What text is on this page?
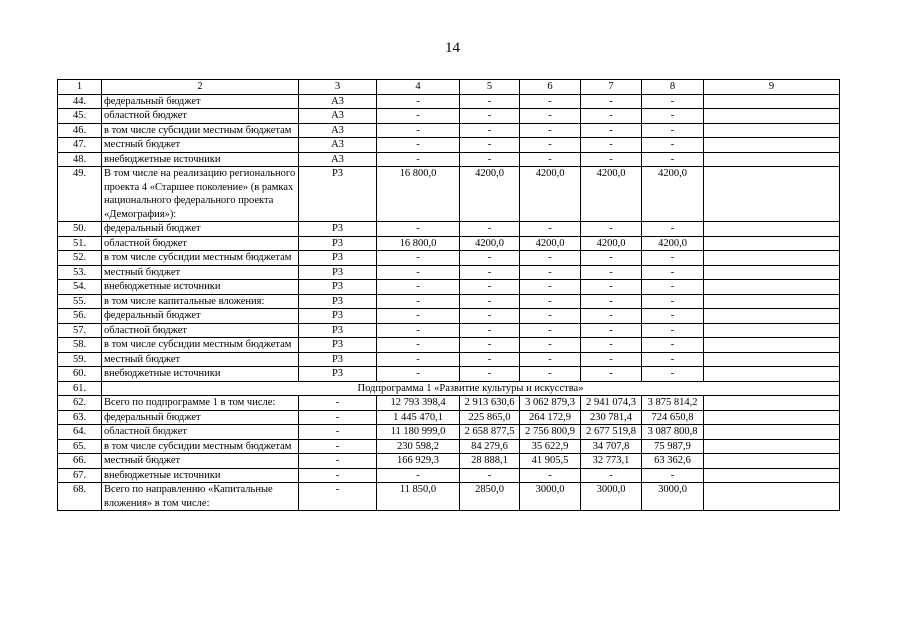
14
1	2	3	4	5	6	7	8	9
44.	федеральный бюджет	А3	-	-	-	-	-	
45.	областной бюджет	А3	-	-	-	-	-	
46.	в том числе субсидии местным бюджетам	А3	-	-	-	-	-	
47.	местный бюджет	А3	-	-	-	-	-	
48.	внебюджетные источники	А3	-	-	-	-	-	
49.	В том числе на реализацию регионального проекта 4 «Старшее поколение» (в рамках национального федерального проекта «Демография»):	Р3	16 800,0	4200,0	4200,0	4200,0	4200,0	
50.	федеральный бюджет	Р3	-	-	-	-	-	
51.	областной бюджет	Р3	16 800,0	4200,0	4200,0	4200,0	4200,0	
52.	в том числе субсидии местным бюджетам	Р3	-	-	-	-	-	
53.	местный бюджет	Р3	-	-	-	-	-	
54.	внебюджетные источники	Р3	-	-	-	-	-	
55.	в том числе капитальные вложения:	Р3	-	-	-	-	-	
56.	федеральный бюджет	Р3	-	-	-	-	-	
57.	областной бюджет	Р3	-	-	-	-	-	
58.	в том числе субсидии местным бюджетам	Р3	-	-	-	-	-	
59.	местный бюджет	Р3	-	-	-	-	-	
60.	внебюджетные источники	Р3	-	-	-	-	-	
61.	Подпрограмма 1 «Развитие культуры и искусства»							
62.	Всего по подпрограмме 1 в том числе:	-	12 793 398,4	2 913 630,6	3 062 879,3	2 941 074,3	3 875 814,2	
63.	федеральный бюджет	-	1 445 470,1	225 865,0	264 172,9	230 781,4	724 650,8	
64.	областной бюджет	-	11 180 999,0	2 658 877,5	2 756 800,9	2 677 519,8	3 087 800,8	
65.	в том числе субсидии местным бюджетам	-	230 598,2	84 279,6	35 622,9	34 707,8	75 987,9	
66.	местный бюджет	-	166 929,3	28 888,1	41 905,5	32 773,1	63 362,6	
67.	внебюджетные источники	-	-	-	-	-	-	
68.	Всего по направлению «Капитальные вложения» в том числе:	-	11 850,0	2850,0	3000,0	3000,0	3000,0	
